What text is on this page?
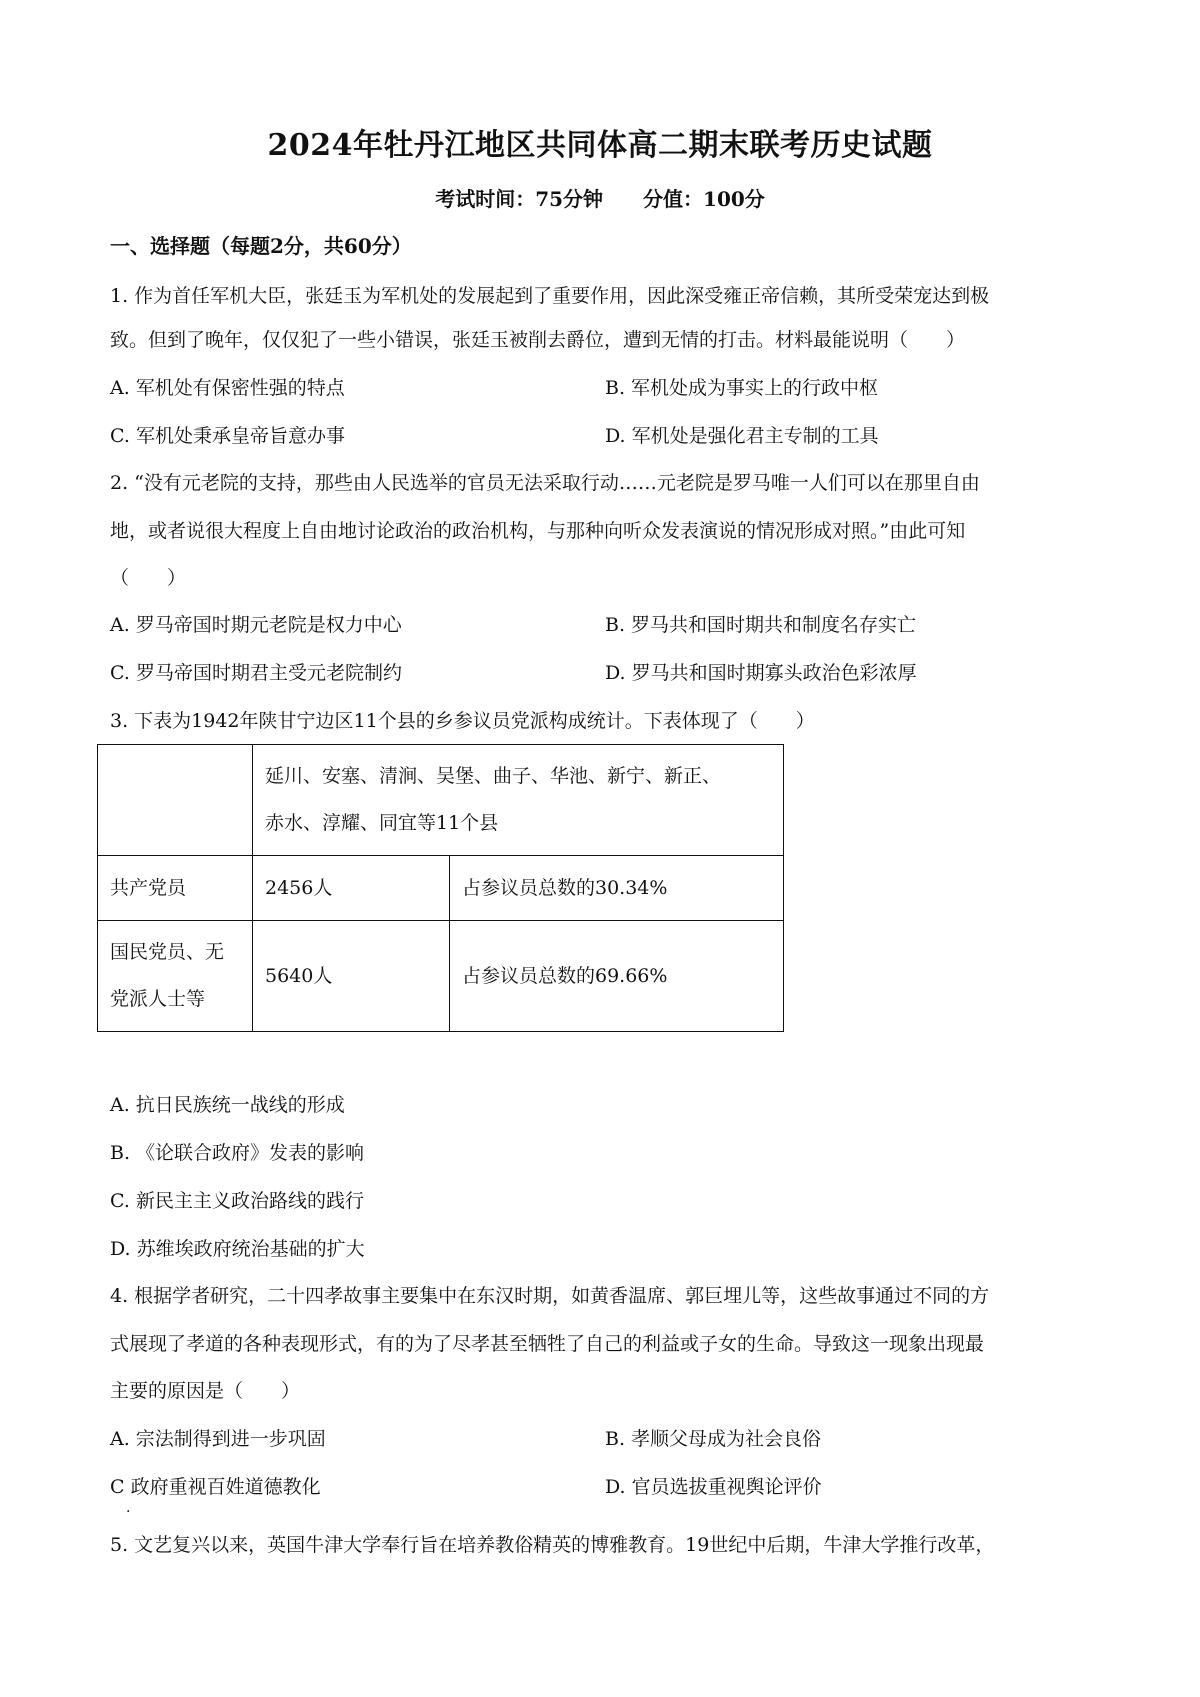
2024年牡丹江地区共同体高二期末联考历史试题
考试时间：75分钟 分值：100分
一、选择题（每题2分，共60分）
1. 作为首任军机大臣，张廷玉为军机处的发展起到了重要作用，因此深受雍正帝信赖，其所受荣宠达到极
致。但到了晚年，仅仅犯了一些小错误，张廷玉被削去爵位，遭到无情的打击。材料最能说明（　　）
A. 军机处有保密性强的特点	B. 军机处成为事实上的行政中枢
C. 军机处秉承皇帝旨意办事	D. 军机处是强化君主专制的工具
2. “没有元老院的支持，那些由人民选举的官员无法采取行动……元老院是罗马唯一人们可以在那里自由
地，或者说很大程度上自由地讨论政治的政治机构，与那种向听众发表演说的情况形成对照。”由此可知
（　　）
A. 罗马帝国时期元老院是权力中心	B. 罗马共和国时期共和制度名存实亡
C. 罗马帝国时期君主受元老院制约	D. 罗马共和国时期寡头政治色彩浓厚
3. 下表为1942年陕甘宁边区11个县的乡参议员党派构成统计。下表体现了（　　）

	延川、安塞、清涧、吴堡、曲子、华池、新宁、新正、
赤水、淳耀、同宜等11个县	

共产党员	2456人	占参议员总数的30.34%

国民党员、无
党派人士等	5640人	占参议员总数的69.66%
A. 抗日民族统一战线的形成
B. 《论联合政府》发表的影响
C. 新民主主义政治路线的践行
D. 苏维埃政府统治基础的扩大
4. 根据学者研究，二十四孝故事主要集中在东汉时期，如黄香温席、郭巨埋儿等，这些故事通过不同的方
式展现了孝道的各种表现形式，有的为了尽孝甚至牺牲了自己的利益或子女的生命。导致这一现象出现最
主要的原因是（　　）
A. 宗法制得到进一步巩固	B. 孝顺父母成为社会良俗
C 政府重视百姓道德教化	D. 官员选拔重视舆论评价
.
5. 文艺复兴以来，英国牛津大学奉行旨在培养教俗精英的博雅教育。19世纪中后期，牛津大学推行改革，
